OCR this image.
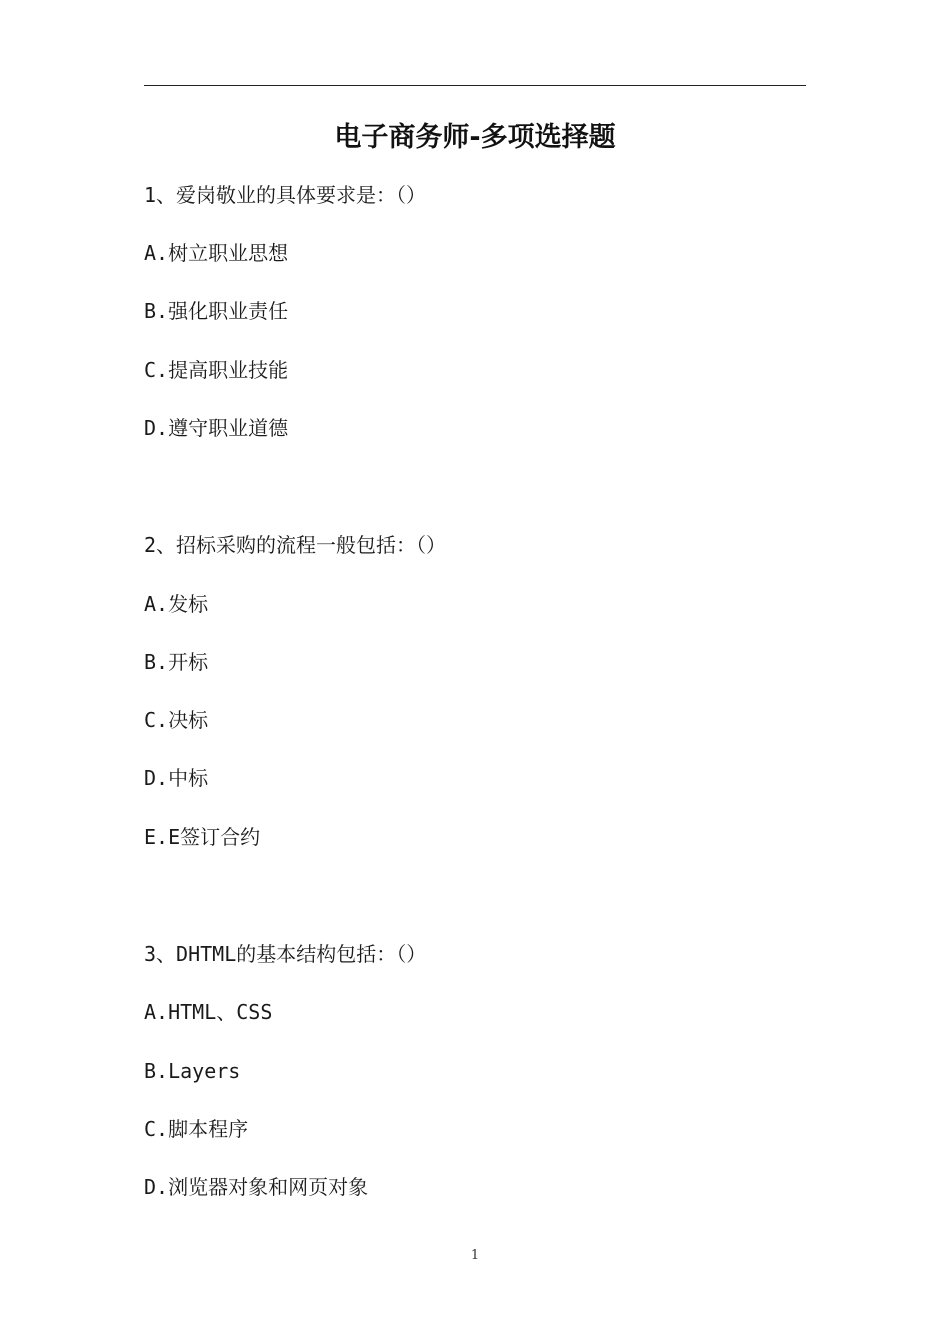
电子商务师-多项选择题
1、爱岗敬业的具体要求是：（）
A.树立职业思想
B.强化职业责任
C.提高职业技能
D.遵守职业道德
2、招标采购的流程一般包括：（）
A.发标
B.开标
C.决标
D.中标
E.E签订合约
3、DHTML的基本结构包括：（）
A.HTML、CSS
B.Layers
C.脚本程序
D.浏览器对象和网页对象
1
